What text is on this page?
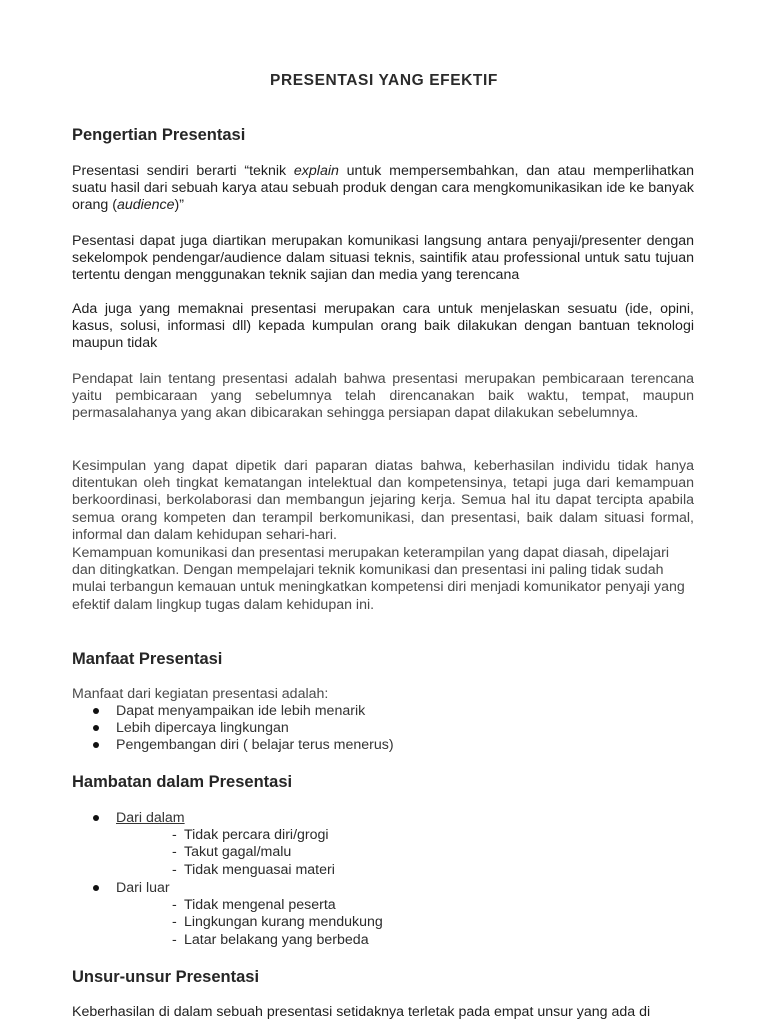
PRESENTASI YANG EFEKTIF
Pengertian Presentasi
Presentasi sendiri berarti “teknik explain untuk mempersembahkan, dan atau memperlihatkan suatu hasil dari sebuah karya atau sebuah produk dengan cara mengkomunikasikan ide ke banyak orang (audience)”
Pesentasi dapat juga diartikan merupakan komunikasi langsung antara penyaji/presenter dengan sekelompok pendengar/audience dalam situasi teknis, saintifik atau professional untuk satu tujuan tertentu dengan menggunakan teknik sajian dan media yang terencana
Ada juga yang memaknai presentasi merupakan cara untuk menjelaskan sesuatu (ide, opini, kasus, solusi, informasi dll) kepada kumpulan orang baik dilakukan dengan bantuan teknologi maupun tidak
Pendapat lain tentang presentasi adalah bahwa presentasi merupakan pembicaraan terencana yaitu pembicaraan yang sebelumnya telah direncanakan baik waktu, tempat, maupun permasalahanya yang akan dibicarakan sehingga persiapan dapat dilakukan sebelumnya.
Kesimpulan yang dapat dipetik dari paparan diatas bahwa, keberhasilan individu tidak hanya ditentukan oleh tingkat kematangan intelektual dan kompetensinya, tetapi juga dari kemampuan berkoordinasi, berkolaborasi dan membangun jejaring kerja. Semua hal itu dapat tercipta apabila semua orang kompeten dan terampil berkomunikasi, dan presentasi, baik dalam situasi formal, informal dan dalam kehidupan sehari-hari.
Kemampuan komunikasi dan presentasi merupakan keterampilan yang dapat diasah, dipelajari dan ditingkatkan. Dengan mempelajari teknik komunikasi dan presentasi ini paling tidak sudah mulai terbangun kemauan untuk meningkatkan kompetensi diri menjadi komunikator penyaji yang efektif dalam lingkup tugas dalam kehidupan ini.
Manfaat Presentasi
Manfaat dari kegiatan presentasi adalah:
Dapat menyampaikan ide lebih menarik
Lebih dipercaya lingkungan
Pengembangan diri ( belajar terus menerus)
Hambatan dalam Presentasi
Dari dalam
- Tidak percara diri/grogi
- Takut gagal/malu
- Tidak menguasai materi
Dari luar
- Tidak mengenal peserta
- Lingkungan kurang mendukung
- Latar belakang yang berbeda
Unsur-unsur Presentasi
Keberhasilan di dalam sebuah presentasi setidaknya terletak pada empat unsur yang ada di
